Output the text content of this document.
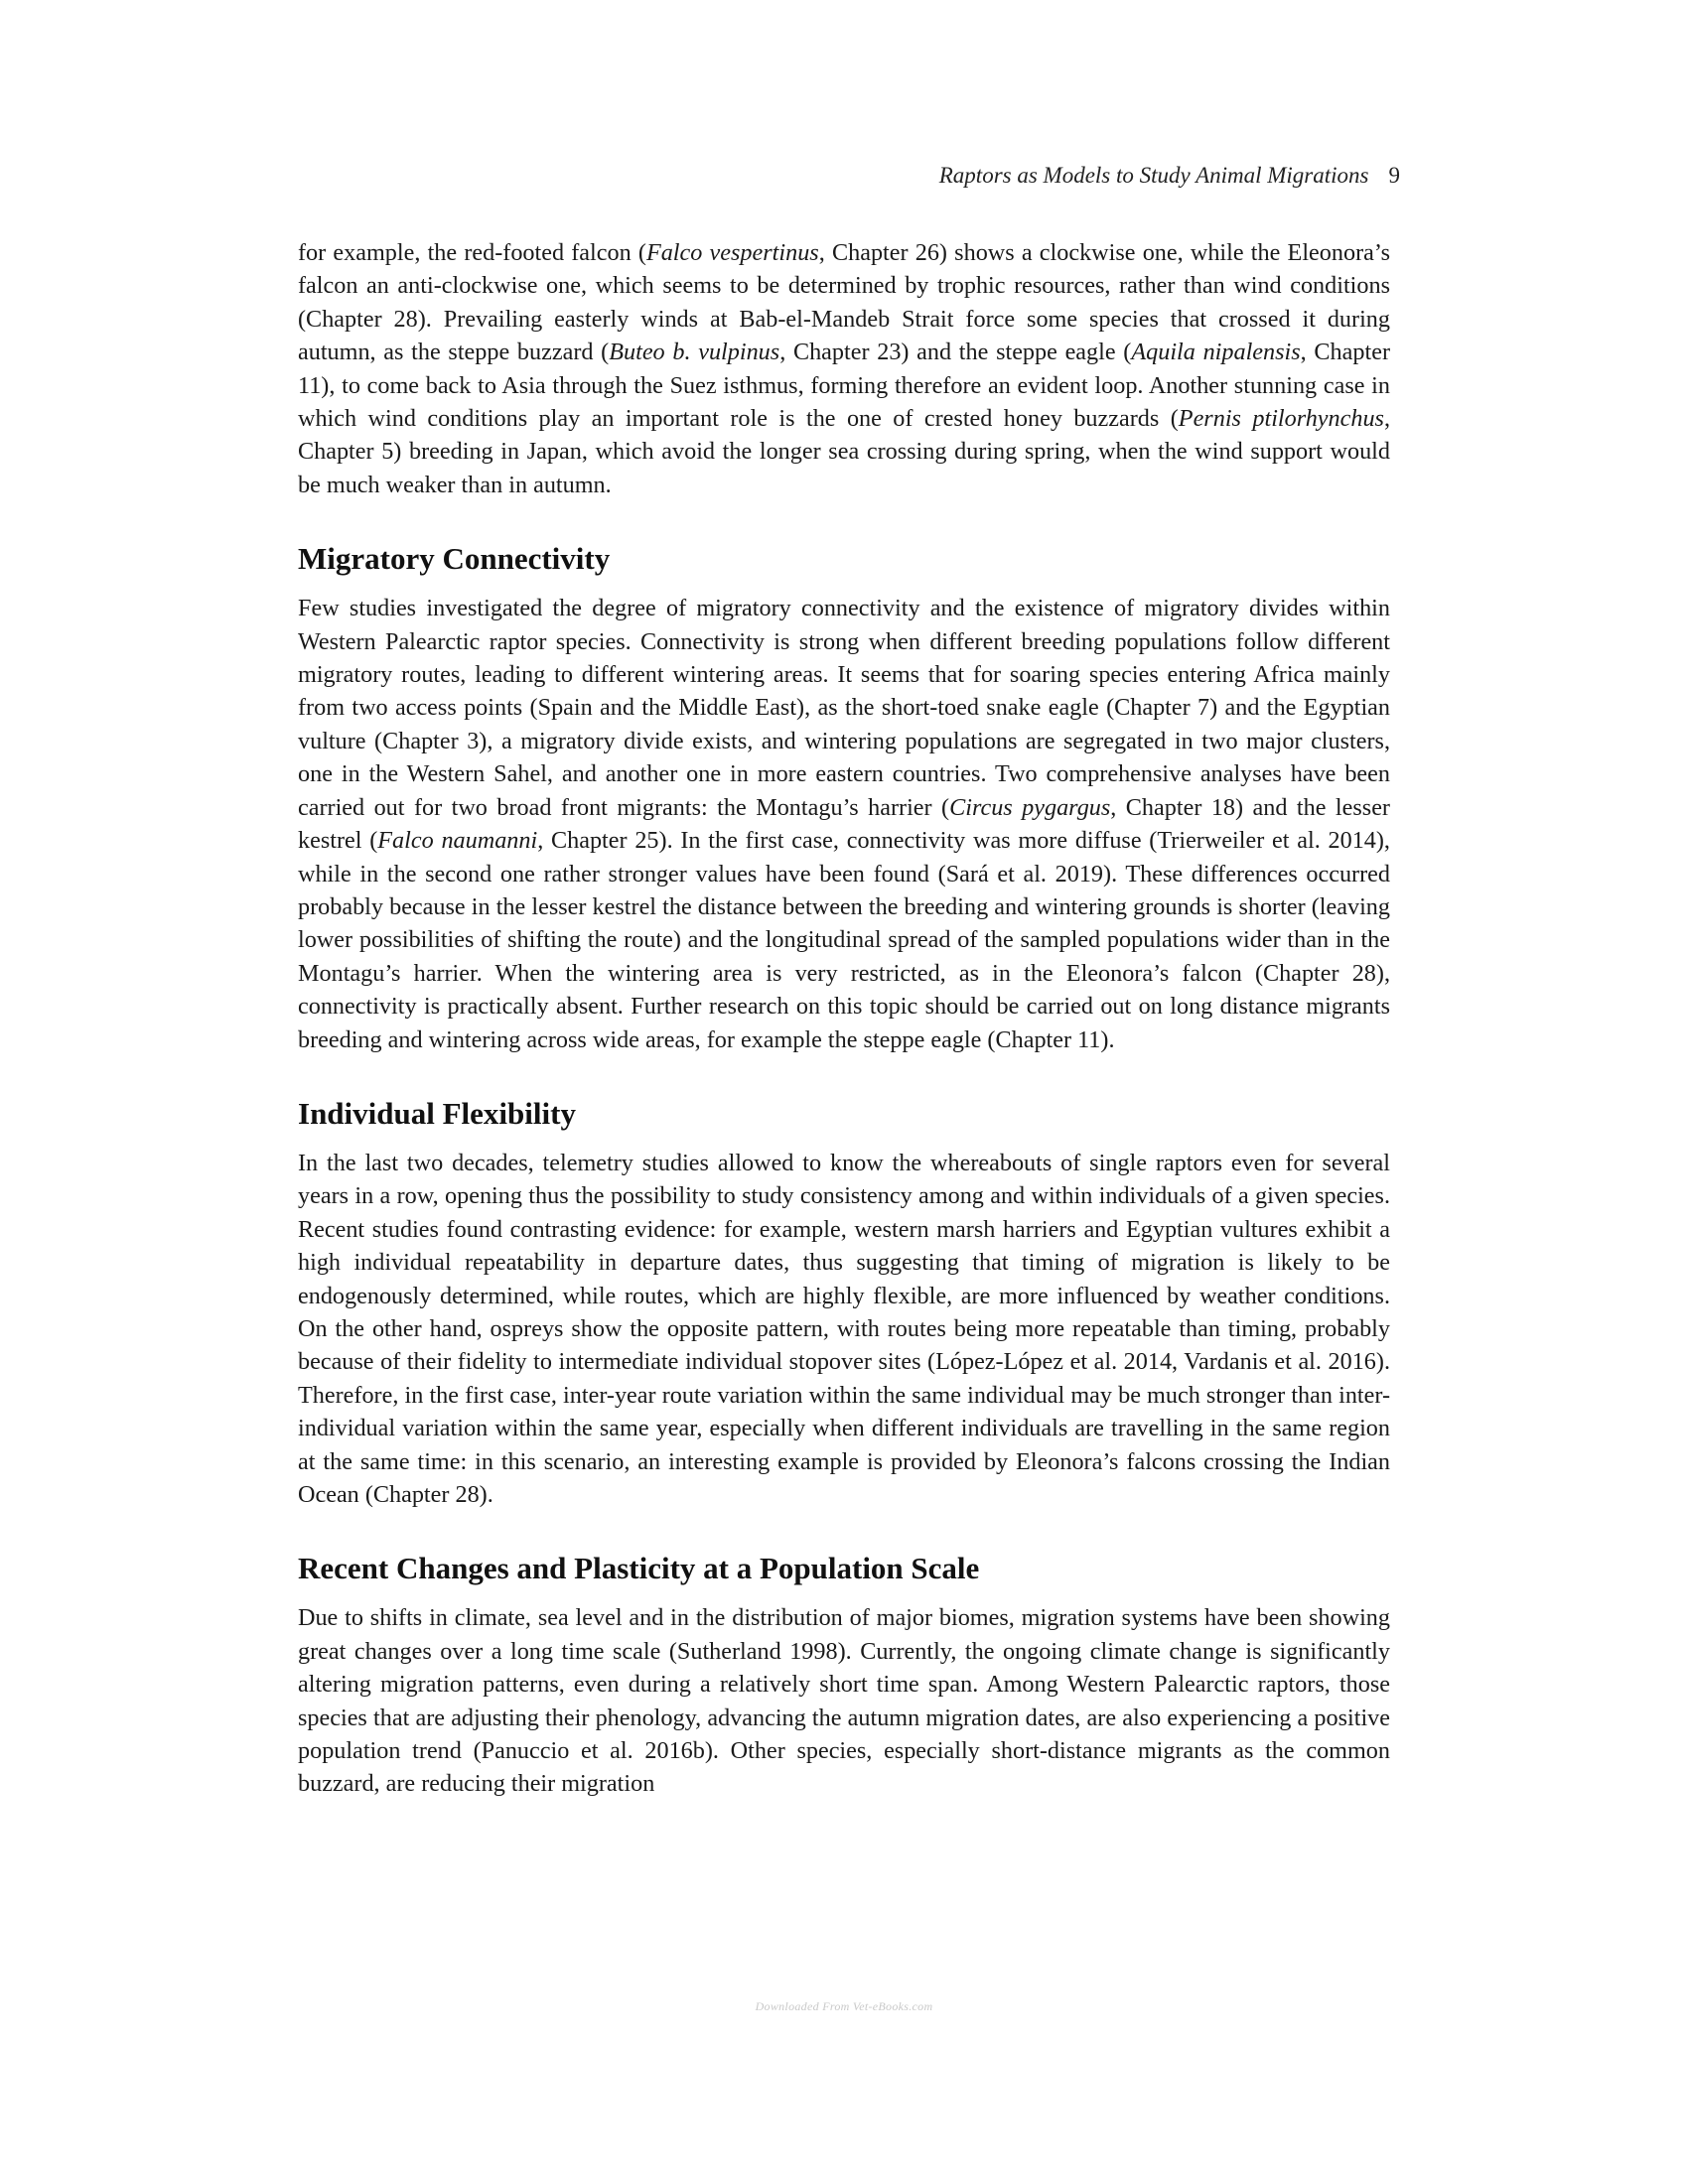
Raptors as Models to Study Animal Migrations 9

for example, the red-footed falcon (Falco vespertinus, Chapter 26) shows a clockwise one, while the Eleonora’s falcon an anti-clockwise one, which seems to be determined by trophic resources, rather than wind conditions (Chapter 28). Prevailing easterly winds at Bab-el-Mandeb Strait force some species that crossed it during autumn, as the steppe buzzard (Buteo b. vulpinus, Chapter 23) and the steppe eagle (Aquila nipalensis, Chapter 11), to come back to Asia through the Suez isthmus, forming therefore an evident loop. Another stunning case in which wind conditions play an important role is the one of crested honey buzzards (Pernis ptilorhynchus, Chapter 5) breeding in Japan, which avoid the longer sea crossing during spring, when the wind support would be much weaker than in autumn.

Migratory Connectivity

Few studies investigated the degree of migratory connectivity and the existence of migratory divides within Western Palearctic raptor species. Connectivity is strong when different breeding populations follow different migratory routes, leading to different wintering areas. It seems that for soaring species entering Africa mainly from two access points (Spain and the Middle East), as the short-toed snake eagle (Chapter 7) and the Egyptian vulture (Chapter 3), a migratory divide exists, and wintering populations are segregated in two major clusters, one in the Western Sahel, and another one in more eastern countries. Two comprehensive analyses have been carried out for two broad front migrants: the Montagu’s harrier (Circus pygargus, Chapter 18) and the lesser kestrel (Falco naumanni, Chapter 25). In the first case, connectivity was more diffuse (Trierweiler et al. 2014), while in the second one rather stronger values have been found (Sará et al. 2019). These differences occurred probably because in the lesser kestrel the distance between the breeding and wintering grounds is shorter (leaving lower possibilities of shifting the route) and the longitudinal spread of the sampled populations wider than in the Montagu’s harrier. When the wintering area is very restricted, as in the Eleonora’s falcon (Chapter 28), connectivity is practically absent. Further research on this topic should be carried out on long distance migrants breeding and wintering across wide areas, for example the steppe eagle (Chapter 11).

Individual Flexibility

In the last two decades, telemetry studies allowed to know the whereabouts of single raptors even for several years in a row, opening thus the possibility to study consistency among and within individuals of a given species. Recent studies found contrasting evidence: for example, western marsh harriers and Egyptian vultures exhibit a high individual repeatability in departure dates, thus suggesting that timing of migration is likely to be endogenously determined, while routes, which are highly flexible, are more influenced by weather conditions. On the other hand, ospreys show the opposite pattern, with routes being more repeatable than timing, probably because of their fidelity to intermediate individual stopover sites (López-López et al. 2014, Vardanis et al. 2016). Therefore, in the first case, inter-year route variation within the same individual may be much stronger than inter-individual variation within the same year, especially when different individuals are travelling in the same region at the same time: in this scenario, an interesting example is provided by Eleonora’s falcons crossing the Indian Ocean (Chapter 28).

Recent Changes and Plasticity at a Population Scale

Due to shifts in climate, sea level and in the distribution of major biomes, migration systems have been showing great changes over a long time scale (Sutherland 1998). Currently, the ongoing climate change is significantly altering migration patterns, even during a relatively short time span. Among Western Palearctic raptors, those species that are adjusting their phenology, advancing the autumn migration dates, are also experiencing a positive population trend (Panuccio et al. 2016b). Other species, especially short-distance migrants as the common buzzard, are reducing their migration

Downloaded From Vet-eBooks.com
